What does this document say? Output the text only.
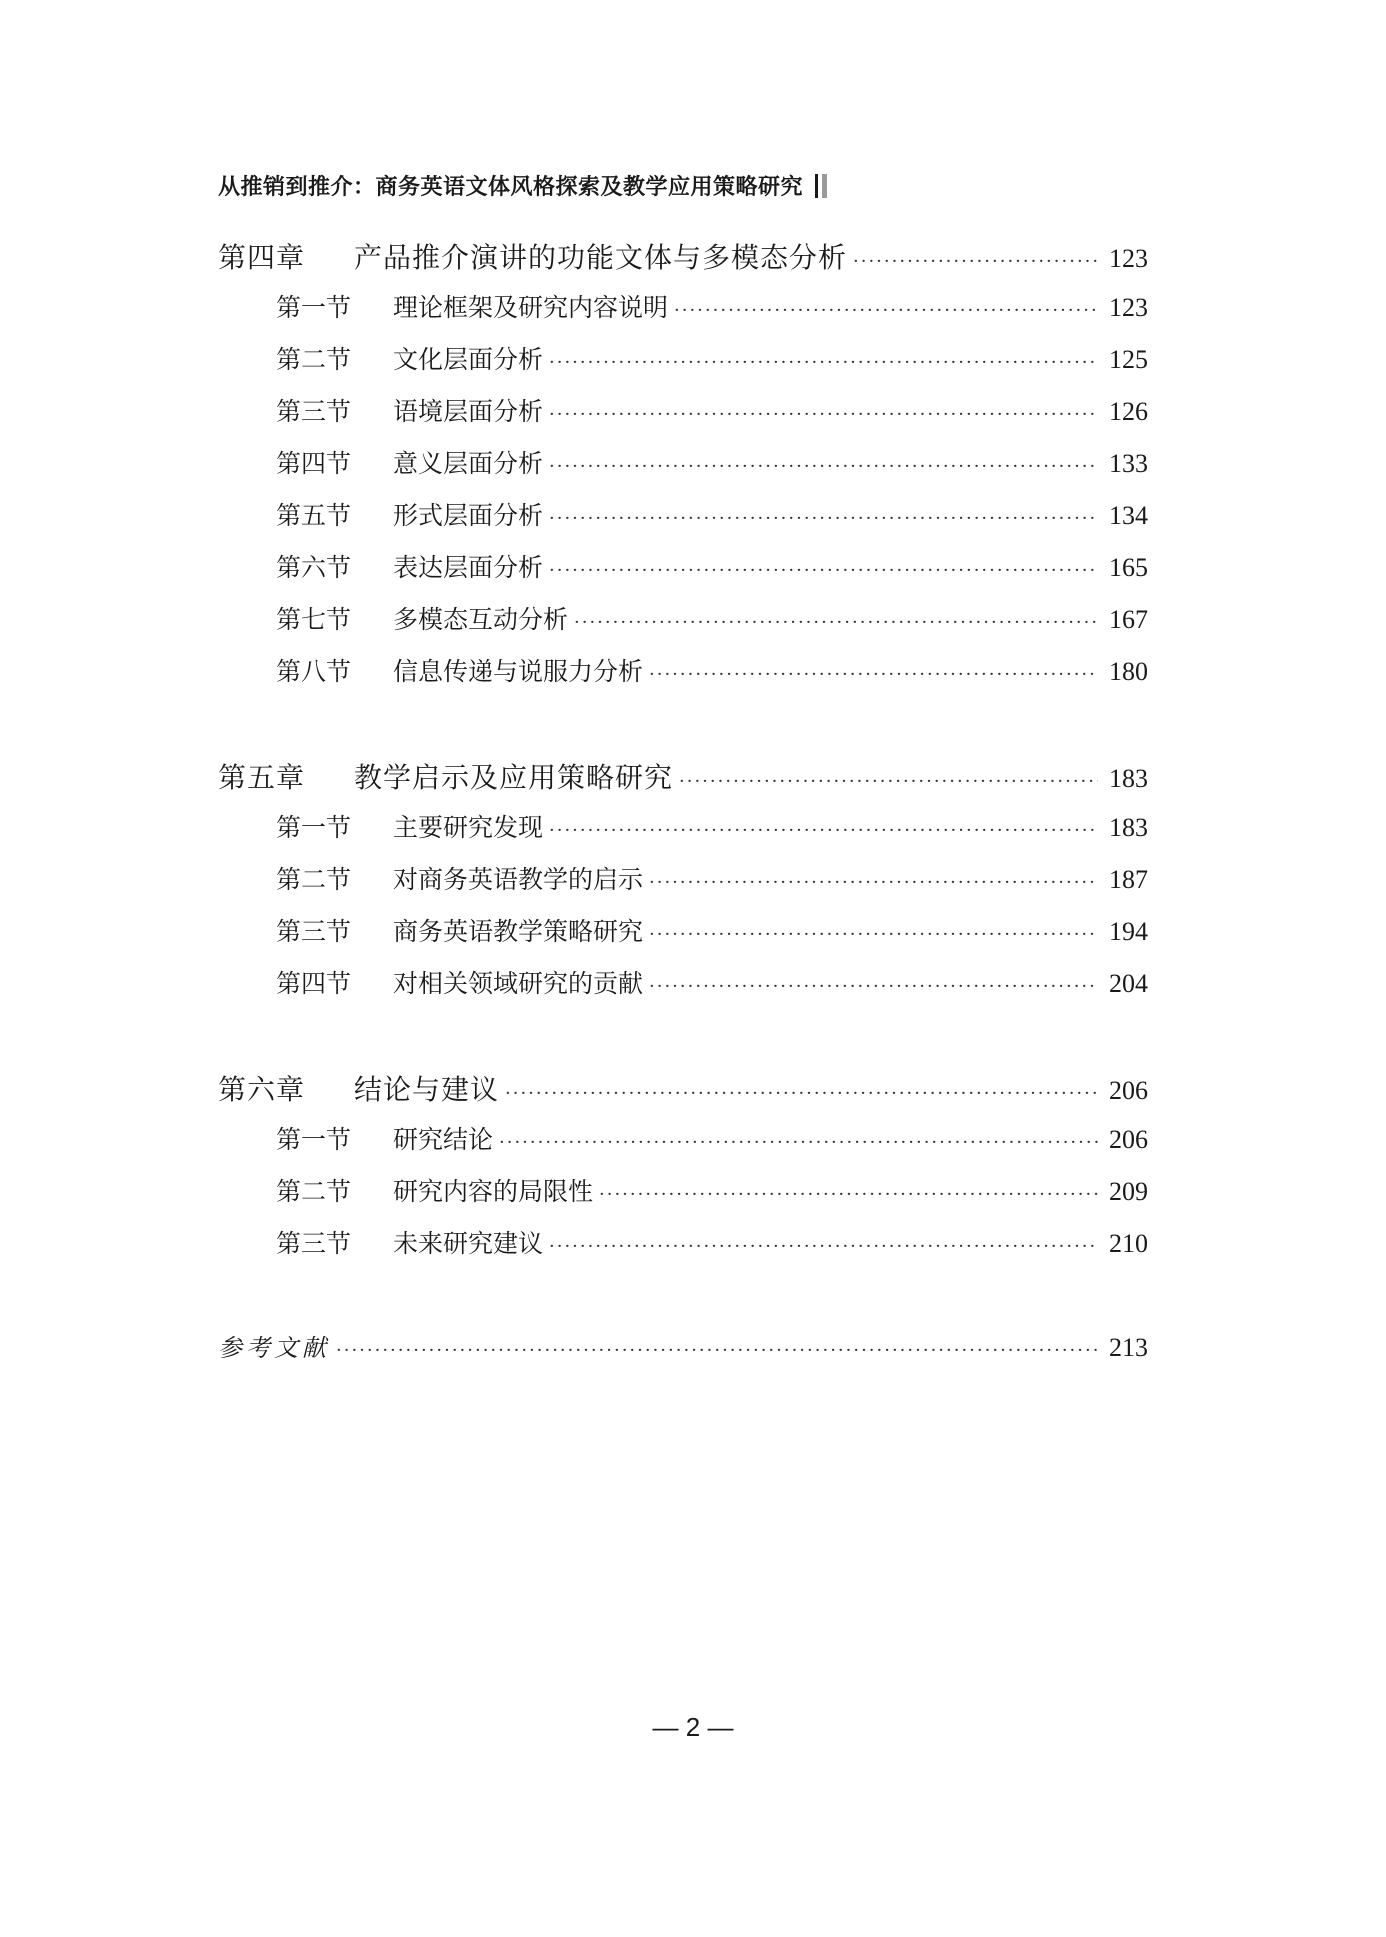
从推销到推介：商务英语文体风格探索及教学应用策略研究
第四章 产品推介演讲的功能文体与多模态分析 ·····	123
第一节 理论框架及研究内容说明 ·····	123
第二节 文化层面分析 ·····	125
第三节 语境层面分析 ·····	126
第四节 意义层面分析 ·····	133
第五节 形式层面分析 ·····	134
第六节 表达层面分析 ·····	165
第七节 多模态互动分析 ·····	167
第八节 信息传递与说服力分析 ·····	180
第五章 教学启示及应用策略研究 ·····	183
第一节 主要研究发现 ·····	183
第二节 对商务英语教学的启示 ·····	187
第三节 商务英语教学策略研究 ·····	194
第四节 对相关领域研究的贡献 ·····	204
第六章 结论与建议 ·····	206
第一节 研究结论 ·····	206
第二节 研究内容的局限性 ·····	209
第三节 未来研究建议 ·····	210
参考文献 ·····	213
— 2 —
